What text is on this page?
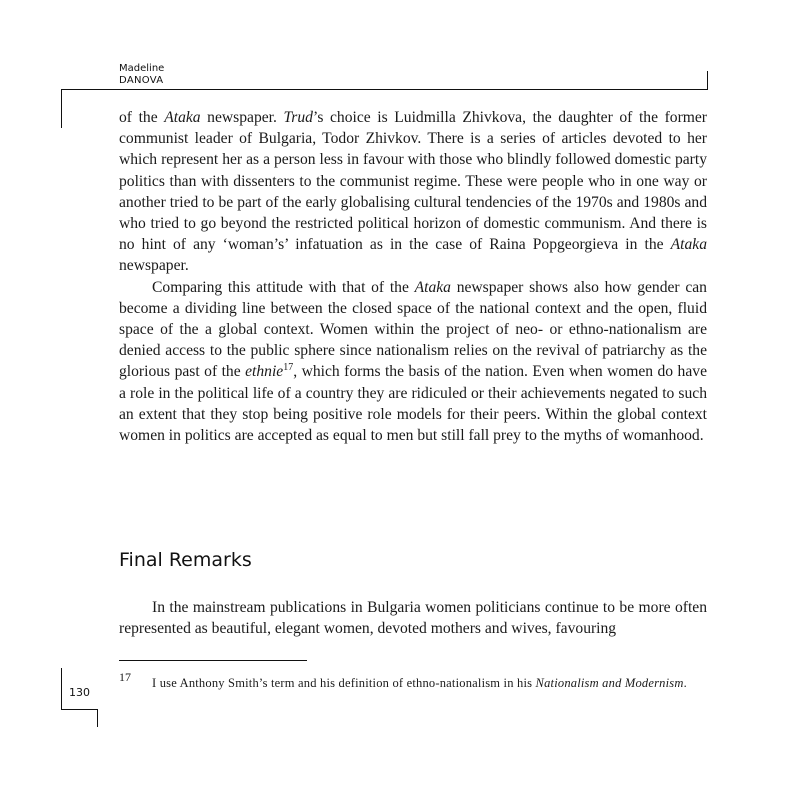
Madeline
DANOVA

of the Ataka newspaper. Trud’s choice is Luidmilla Zhivkova, the daughter of the former communist leader of Bulgaria, Todor Zhivkov. There is a series of articles devoted to her which represent her as a person less in favour with those who blindly followed domestic party politics than with dissenters to the communist regime. These were people who in one way or another tried to be part of the early globalising cultural tendencies of the 1970s and 1980s and who tried to go beyond the restricted political horizon of domestic communism. And there is no hint of any ‘woman’s’ infatuation as in the case of Raina Popgeorgieva in the Ataka newspaper.

Comparing this attitude with that of the Ataka newspaper shows also how gender can become a dividing line between the closed space of the national context and the open, fluid space of the a global context. Women within the project of neo- or ethno-nationalism are denied access to the public sphere since nationalism relies on the revival of patriarchy as the glorious past of the ethnie$^{17}$, which forms the basis of the nation. Even when women do have a role in the political life of a country they are ridiculed or their achievements negated to such an extent that they stop being positive role models for their peers. Within the global context women in politics are accepted as equal to men but still fall prey to the myths of womanhood.

Final Remarks

In the mainstream publications in Bulgaria women politicians continue to be more often represented as beautiful, elegant women, devoted mothers and wives, favouring

17 I use Anthony Smith’s term and his definition of ethno-nationalism in his Nationalism and Modernism.
130
